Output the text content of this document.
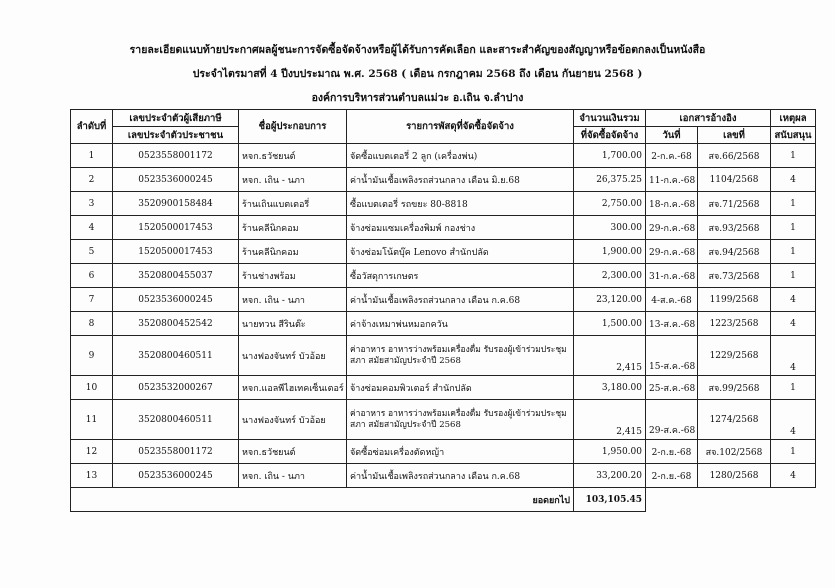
รายละเอียดแนบท้ายประกาศผลผู้ชนะการจัดซื้อจัดจ้างหรือผู้ได้รับการคัดเลือก และสาระสำคัญของสัญญาหรือข้อตกลงเป็นหนังสือ
ประจำไตรมาสที่ 4 ปีงบประมาณ พ.ศ. 2568 ( เดือน กรกฎาคม 2568 ถึง เดือน กันยายน 2568 )
องค์การบริหารส่วนตำบลแม่วะ อ.เถิน จ.ลำปาง
ลำดับที่	เลขประจำตัวผู้เสียภาษี	ชื่อผู้ประกอบการ	รายการพัสดุที่จัดซื้อจัดจ้าง	จำนวนเงินรวม	เอกสารอ้างอิง		เหตุผล
	เลขประจำตัวประชาชน			ที่จัดซื้อจัดจ้าง	วันที่	เลขที่	สนับสนุน
1	0523558001172	หจก.ธวัชยนต์	จัดซื้อแบตเตอรี่ 2 ลูก (เครื่องพ่น)	1,700.00	2-ก.ค.-68	สจ.66/2568	1
2	0523536000245	หจก. เถิน - นภา	ค่าน้ำมันเชื้อเพลิงรถส่วนกลาง เดือน มิ.ย.68	26,375.25	11-ก.ค.-68	1104/2568	4
3	3520900158484	ร้านเถินแบตเตอรี่	ซื้อแบตเตอรี่ รถขยะ 80-8818	2,750.00	18-ก.ค.-68	สจ.71/2568	1
4	1520500017453	ร้านคลีนิกคอม	จ้างซ่อมแซมเครื่องพิมพ์ กองช่าง	300.00	29-ก.ค.-68	สจ.93/2568	1
5	1520500017453	ร้านคลีนิกคอม	จ้างซ่อมโน้ตบุ๊ค Lenovo สำนักปลัด	1,900.00	29-ก.ค.-68	สจ.94/2568	1
6	3520800455037	ร้านช่างพร้อม	ซื้อวัสดุการเกษตร	2,300.00	31-ก.ค.-68	สจ.73/2568	1
7	0523536000245	หจก. เถิน - นภา	ค่าน้ำมันเชื้อเพลิงรถส่วนกลาง เดือน ก.ค.68	23,120.00	4-ส.ค.-68	1199/2568	4
8	3520800452542	นายทวน สีรินต๊ะ	ค่าจ้างเหมาพ่นหมอกควัน	1,500.00	13-ส.ค.-68	1223/2568	4
9	3520800460511	นางฟองจันทร์ บัวอ้อย	ค่าอาหาร อาหารว่างพร้อมเครื่องดื่ม รับรองผู้เข้าร่วมประชุมสภา สมัยสามัญประจำปี 2568	2,415	15-ส.ค.-68	1229/2568	4
10	0523532000267	หจก.แอลพีไฮเทคเซ็นเตอร์	จ้างซ่อมคอมพิวเตอร์ สำนักปลัด	3,180.00	25-ส.ค.-68	สจ.99/2568	1
11	3520800460511	นางฟองจันทร์ บัวอ้อย	ค่าอาหาร อาหารว่างพร้อมเครื่องดื่ม รับรองผู้เข้าร่วมประชุมสภา สมัยสามัญประจำปี 2568	2,415	29-ส.ค.-68	1274/2568	4
12	0523558001172	หจก.ธวัชยนต์	จัดซื้อซ่อมเครื่องตัดหญ้า	1,950.00	2-ก.ย.-68	สจ.102/2568	1
13	0523536000245	หจก. เถิน - นภา	ค่าน้ำมันเชื้อเพลิงรถส่วนกลาง เดือน ก.ค.68	33,200.20	2-ก.ย.-68	1280/2568	4
ยอดยกไป				103,105.45			
